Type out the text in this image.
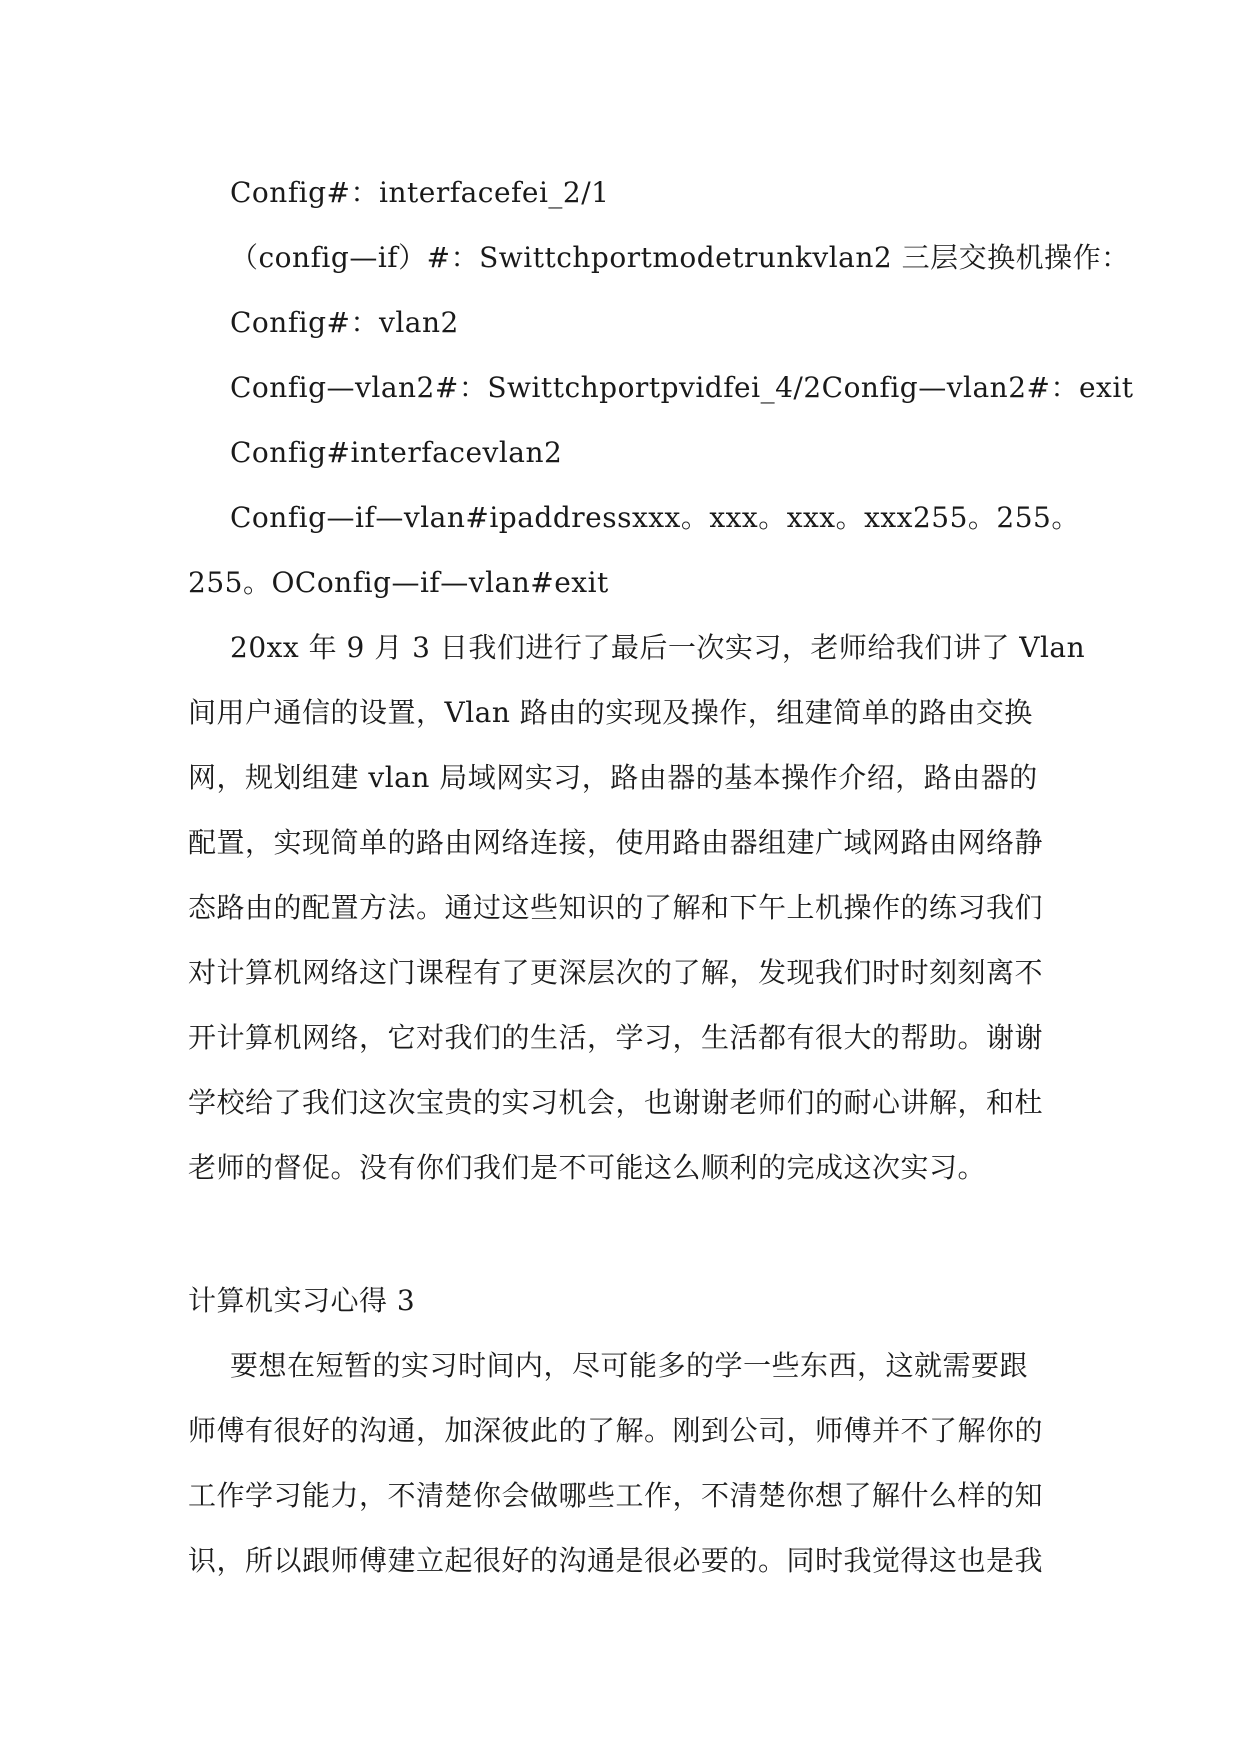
Config#：interfacefei_2/1

（config—if）#：Swittchportmodetrunkvlan2 三层交换机操作：

Config#：vlan2

Config—vlan2#：Swittchportpvidfei_4/2Config—vlan2#：exit

Config#interfacevlan2

Config—if—vlan#ipaddressxxx。xxx。xxx。xxx255。255。

255。OConfig—if—vlan#exit

20xx 年 9 月 3 日我们进行了最后一次实习，老师给我们讲了 Vlan

间用户通信的设置，Vlan 路由的实现及操作，组建简单的路由交换

网，规划组建 vlan 局域网实习，路由器的基本操作介绍，路由器的

配置，实现简单的路由网络连接，使用路由器组建广域网路由网络静

态路由的配置方法。通过这些知识的了解和下午上机操作的练习我们

对计算机网络这门课程有了更深层次的了解，发现我们时时刻刻离不

开计算机网络，它对我们的生活，学习，生活都有很大的帮助。谢谢

学校给了我们这次宝贵的实习机会，也谢谢老师们的耐心讲解，和杜

老师的督促。没有你们我们是不可能这么顺利的完成这次实习。

计算机实习心得 3

要想在短暂的实习时间内，尽可能多的学一些东西，这就需要跟

师傅有很好的沟通，加深彼此的了解。刚到公司，师傅并不了解你的

工作学习能力，不清楚你会做哪些工作，不清楚你想了解什么样的知

识，所以跟师傅建立起很好的沟通是很必要的。同时我觉得这也是我
